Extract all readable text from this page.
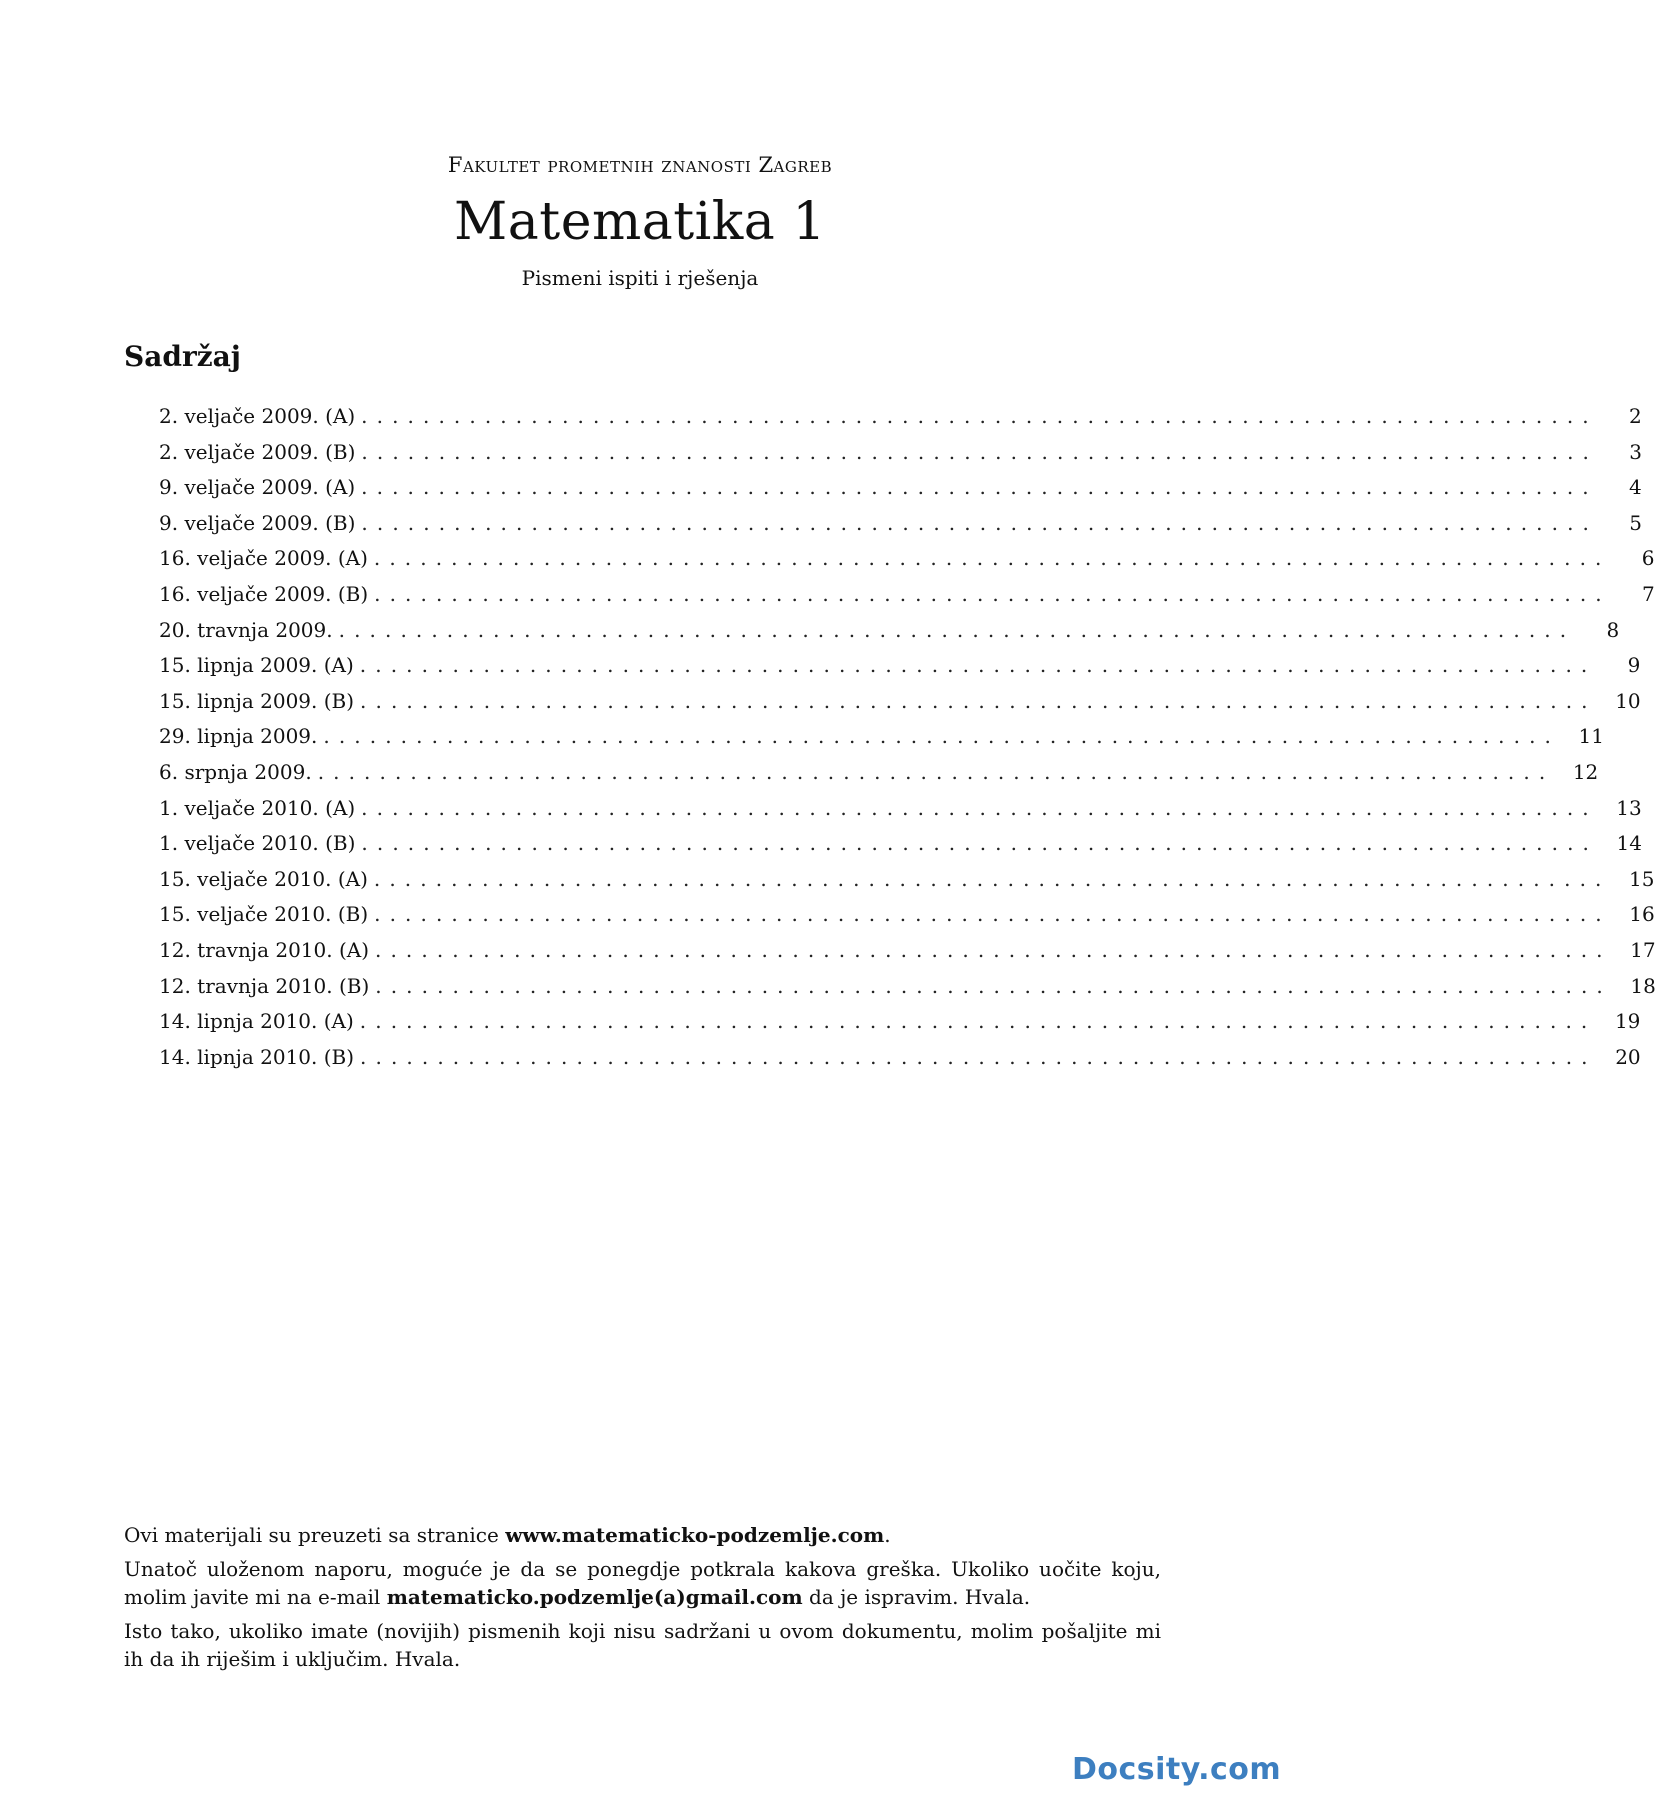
Fakultet prometnih znanosti Zagreb
Matematika 1
Pismeni ispiti i rješenja
Sadržaj
2. veljače 2009. (A) ................................................................................	2
2. veljače 2009. (B) ................................................................................	3
9. veljače 2009. (A) ................................................................................	4
9. veljače 2009. (B) ................................................................................	5
16. veljače 2009. (A) ................................................................................	6
16. veljače 2009. (B) ................................................................................	7
20. travnja 2009. ................................................................................	8
15. lipnja 2009. (A) ................................................................................	9
15. lipnja 2009. (B) ................................................................................ 10
29. lipnja 2009. ................................................................................ 11
6. srpnja 2009. ................................................................................ 12
1. veljače 2010. (A) ................................................................................ 13
1. veljače 2010. (B) ................................................................................ 14
15. veljače 2010. (A) ................................................................................ 15
15. veljače 2010. (B) ................................................................................ 16
12. travnja 2010. (A) ................................................................................ 17
12. travnja 2010. (B) ................................................................................ 18
14. lipnja 2010. (A) ................................................................................ 19
14. lipnja 2010. (B) ................................................................................ 20

Ovi materijali su preuzeti sa stranice www.matematicko-podzemlje.com.

Unatoč uloženom naporu, moguće je da se ponegdje potkrala kakova greška. Ukoliko uočite koju, molim javite mi na e-mail matematicko.podzemlje(a)gmail.com da je ispravim. Hvala.

Isto tako, ukoliko imate (novijih) pismenih koji nisu sadržani u ovom dokumentu, molim pošaljite mi ih da ih riješim i uključim. Hvala.

Docsity.com
